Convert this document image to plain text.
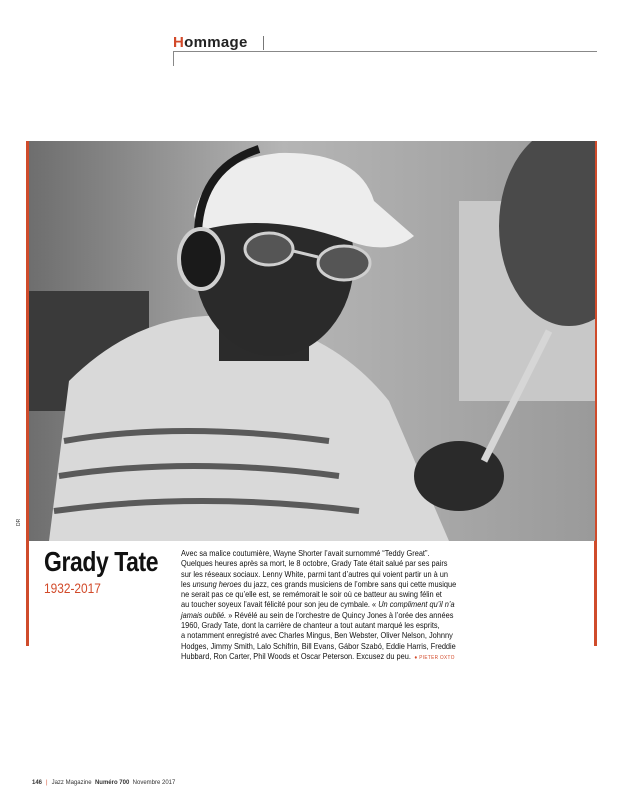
Hommage
DR
Grady Tate
1932-2017
Avec sa malice coutumière, Wayne Shorter l’avait surnommé “Teddy Great”.
Quelques heures après sa mort, le 8 octobre, Grady Tate était salué par ses pairs
sur les réseaux sociaux. Lenny White, parmi tant d’autres qui voient partir un à un
les unsung heroes du jazz, ces grands musiciens de l’ombre sans qui cette musique
ne serait pas ce qu’elle est, se remémorait le soir où ce batteur au swing félin et
au toucher soyeux l’avait félicité pour son jeu de cymbale. « Un compliment qu’il n’a
jamais oublié. » Révélé au sein de l’orchestre de Quincy Jones à l’orée des années
1960, Grady Tate, dont la carrière de chanteur a tout autant marqué les esprits,
a notamment enregistré avec Charles Mingus, Ben Webster, Oliver Nelson, Johnny
Hodges, Jimmy Smith, Lalo Schifrin, Bill Evans, Gábor Szabó, Eddie Harris, Freddie
Hubbard, Ron Carter, Phil Woods et Oscar Peterson. Excusez du peu. ● PIETER OXTO
146 | Jazz Magazine Numéro 700 Novembre 2017
